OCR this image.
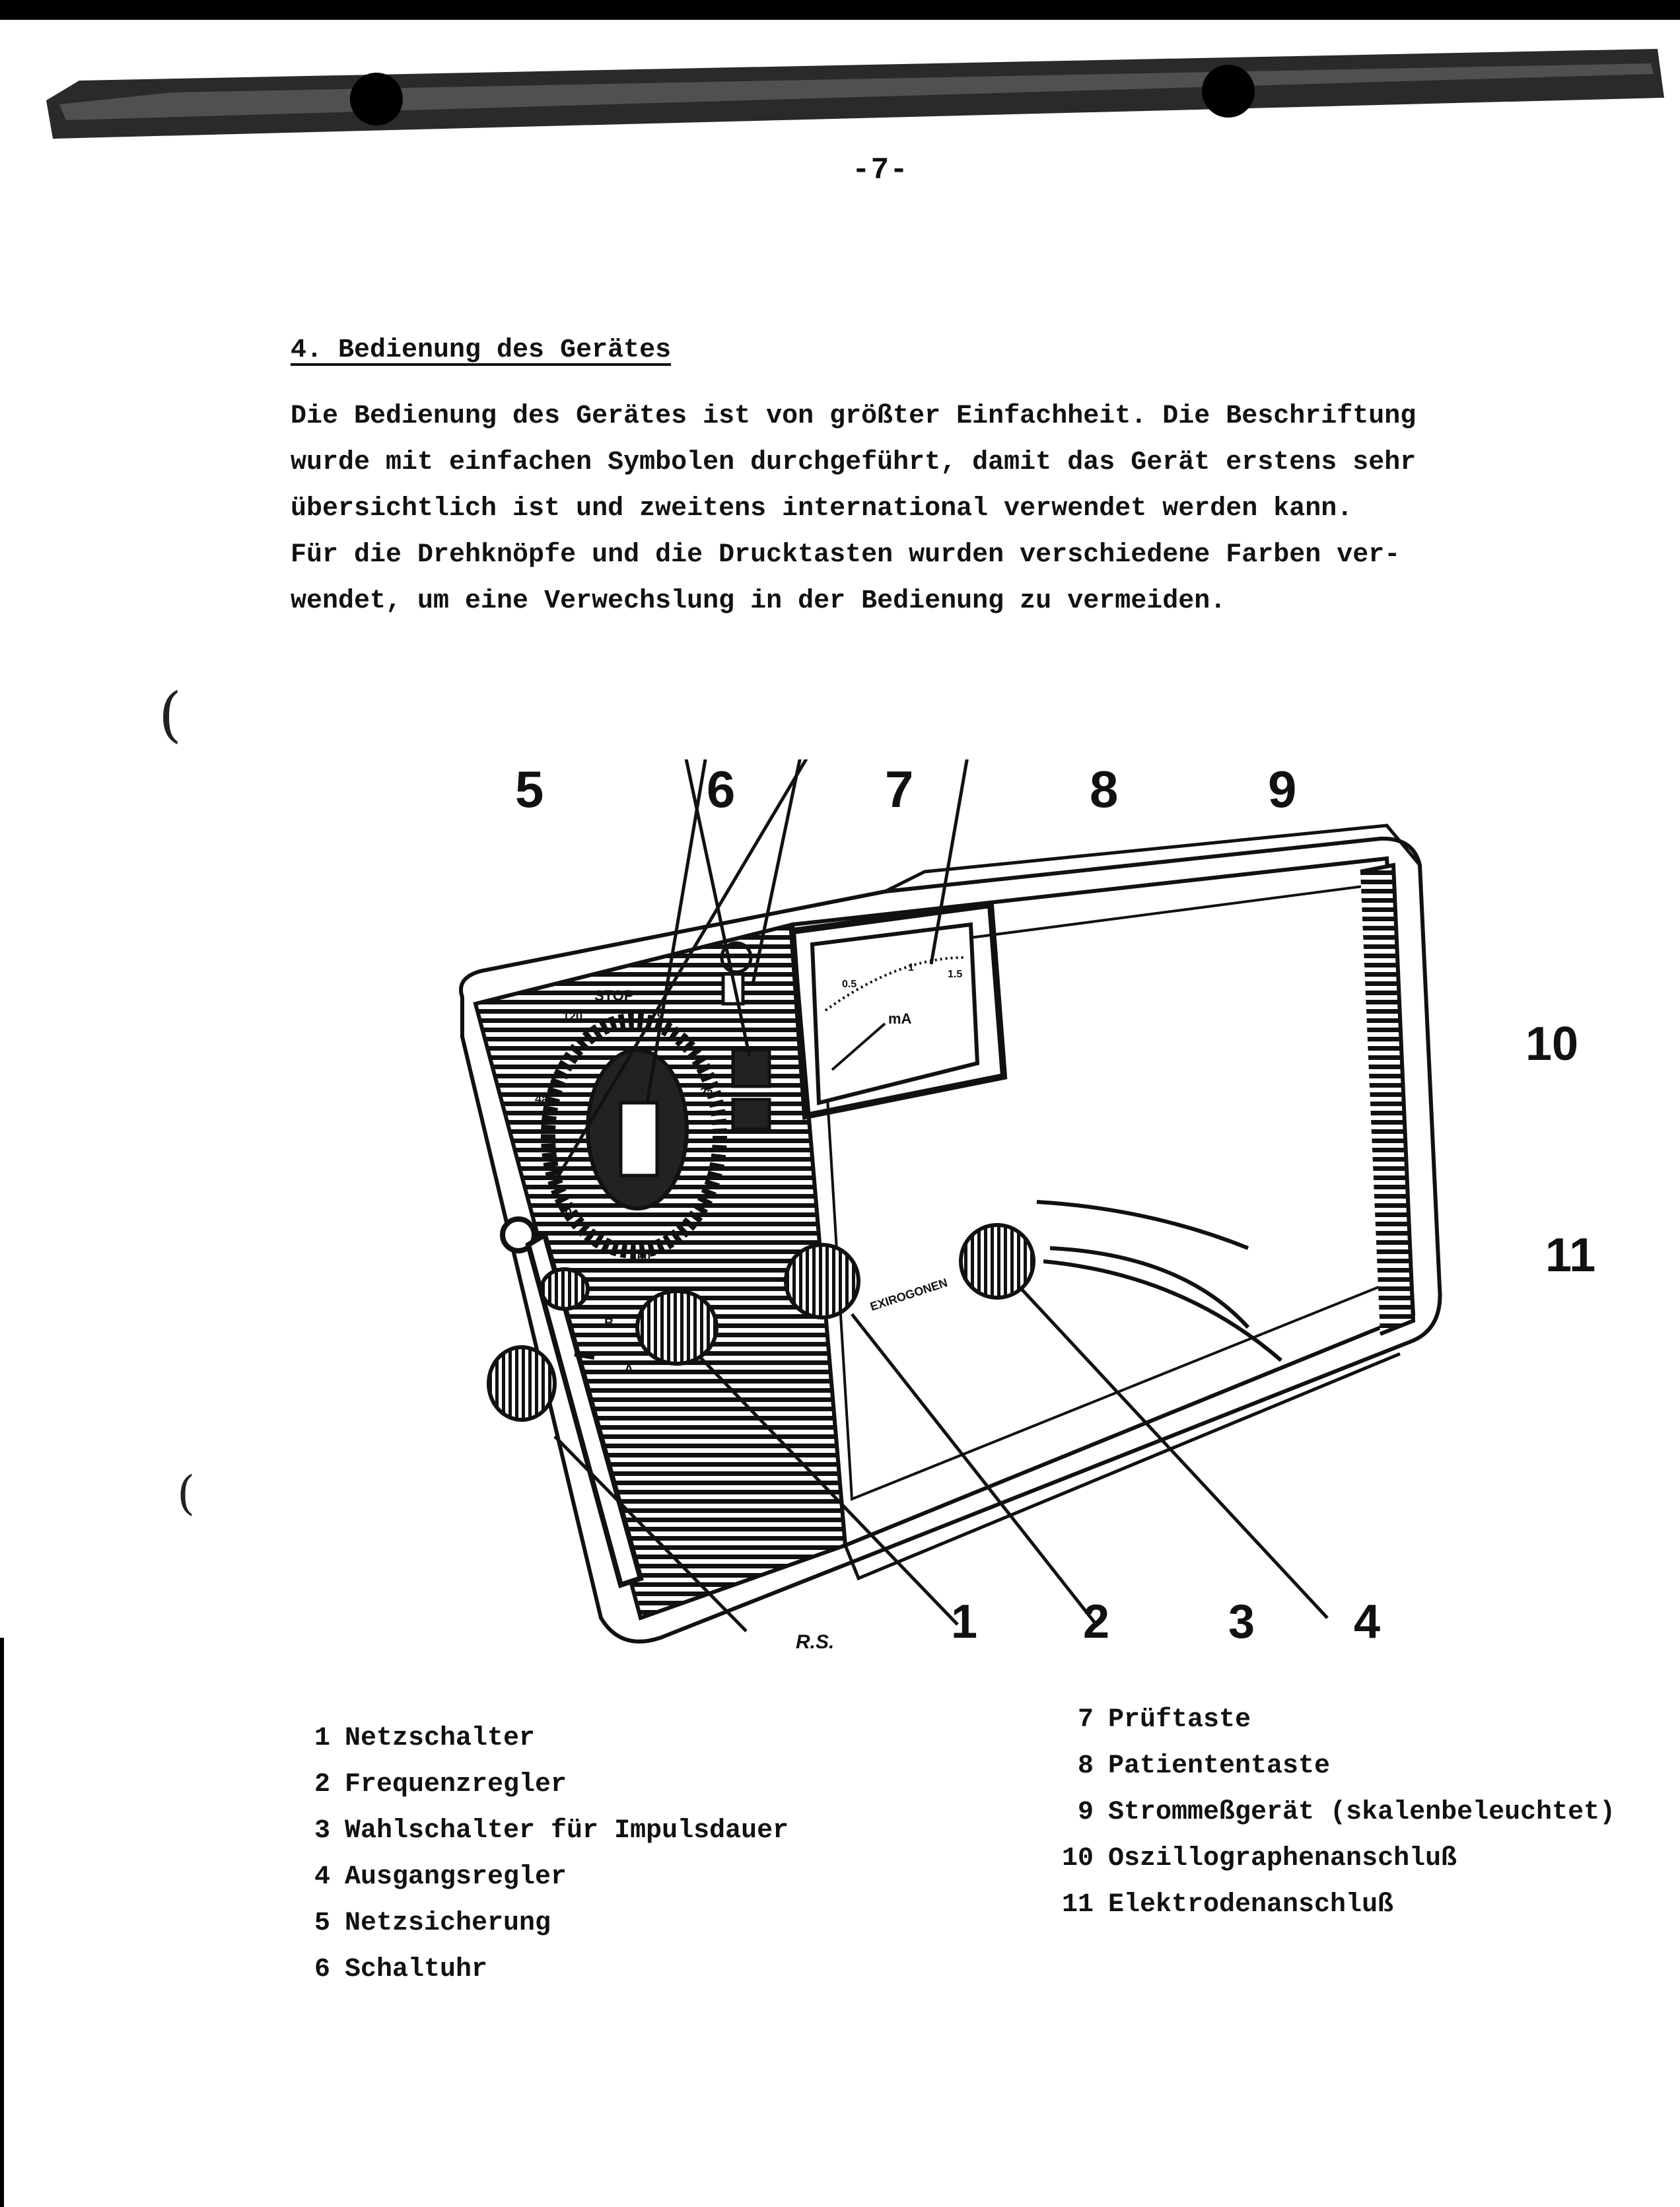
-7-
4. Bedienung des Gerätes

Die Bedienung des Gerätes ist von größter Einfachheit. Die Beschriftung
wurde mit einfachen Symbolen durchgeführt, damit das Gerät erstens sehr
übersichtlich ist und zweitens international verwendet werden kann.
Für die Drehknöpfe und die Drucktasten wurden verschiedene Farben ver-
wendet, um eine Verwechslung in der Bedienung zu vermeiden.

(
(
STOP
120	8
2a
4a
1b
60
0.5
1
1.5
mA
B
A
EXIROGONEN
1 2 3 4
5	6	7	8	9
10
11
R.S.
1 Netzschalter
2 Frequenzregler
3 Wahlschalter für Impulsdauer
4 Ausgangsregler
5 Netzsicherung
6 Schaltuhr
7 Prüftaste
8 Patiententaste
9 Strommeßgerät (skalenbeleuchtet)
10 Oszillographenanschluß
11 Elektrodenanschluß
